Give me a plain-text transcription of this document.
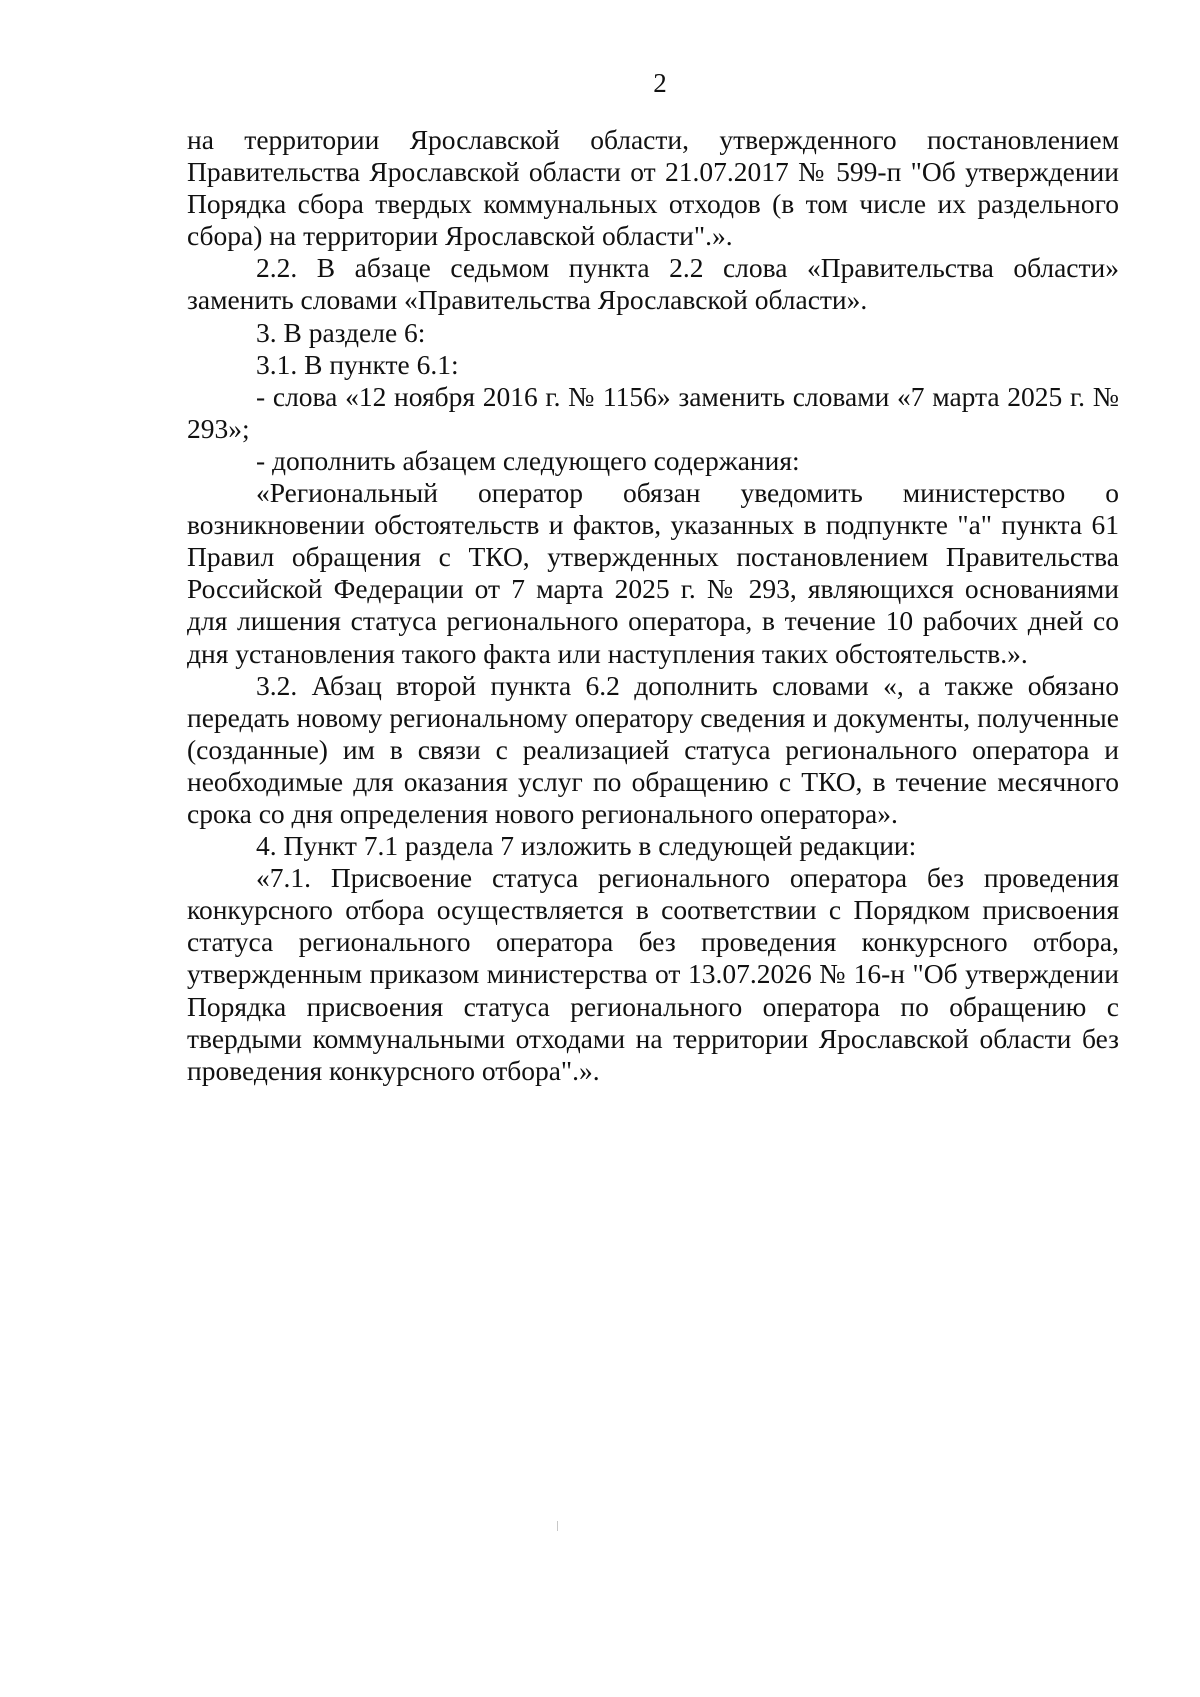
2

на территории Ярославской области, утвержденного постановлением Правительства Ярославской области от 21.07.2017 № 599-п "Об утверждении Порядка сбора твердых коммунальных отходов (в том числе их раздельного сбора) на территории Ярославской области".».

2.2. В абзаце седьмом пункта 2.2 слова «Правительства области» заменить словами «Правительства Ярославской области».

3. В разделе 6:

3.1. В пункте 6.1:

- слова «12 ноября 2016 г. № 1156» заменить словами «7 марта 2025 г. № 293»;

- дополнить абзацем следующего содержания:

«Региональный оператор обязан уведомить министерство о возникновении обстоятельств и фактов, указанных в подпункте "а" пункта 61 Правил обращения с ТКО, утвержденных постановлением Правительства Российской Федерации от 7 марта 2025 г. № 293, являющихся основаниями для лишения статуса регионального оператора, в течение 10 рабочих дней со дня установления такого факта или наступления таких обстоятельств.».

3.2. Абзац второй пункта 6.2 дополнить словами «, а также обязано передать новому региональному оператору сведения и документы, полученные (созданные) им в связи с реализацией статуса регионального оператора и необходимые для оказания услуг по обращению с ТКО, в течение месячного срока со дня определения нового регионального оператора».

4. Пункт 7.1 раздела 7 изложить в следующей редакции:

«7.1. Присвоение статуса регионального оператора без проведения конкурсного отбора осуществляется в соответствии с Порядком присвоения статуса регионального оператора без проведения конкурсного отбора, утвержденным приказом министерства от 13.07.2026 № 16-н "Об утверждении Порядка присвоения статуса регионального оператора по обращению с твердыми коммунальными отходами на территории Ярославской области без проведения конкурсного отбора".».
